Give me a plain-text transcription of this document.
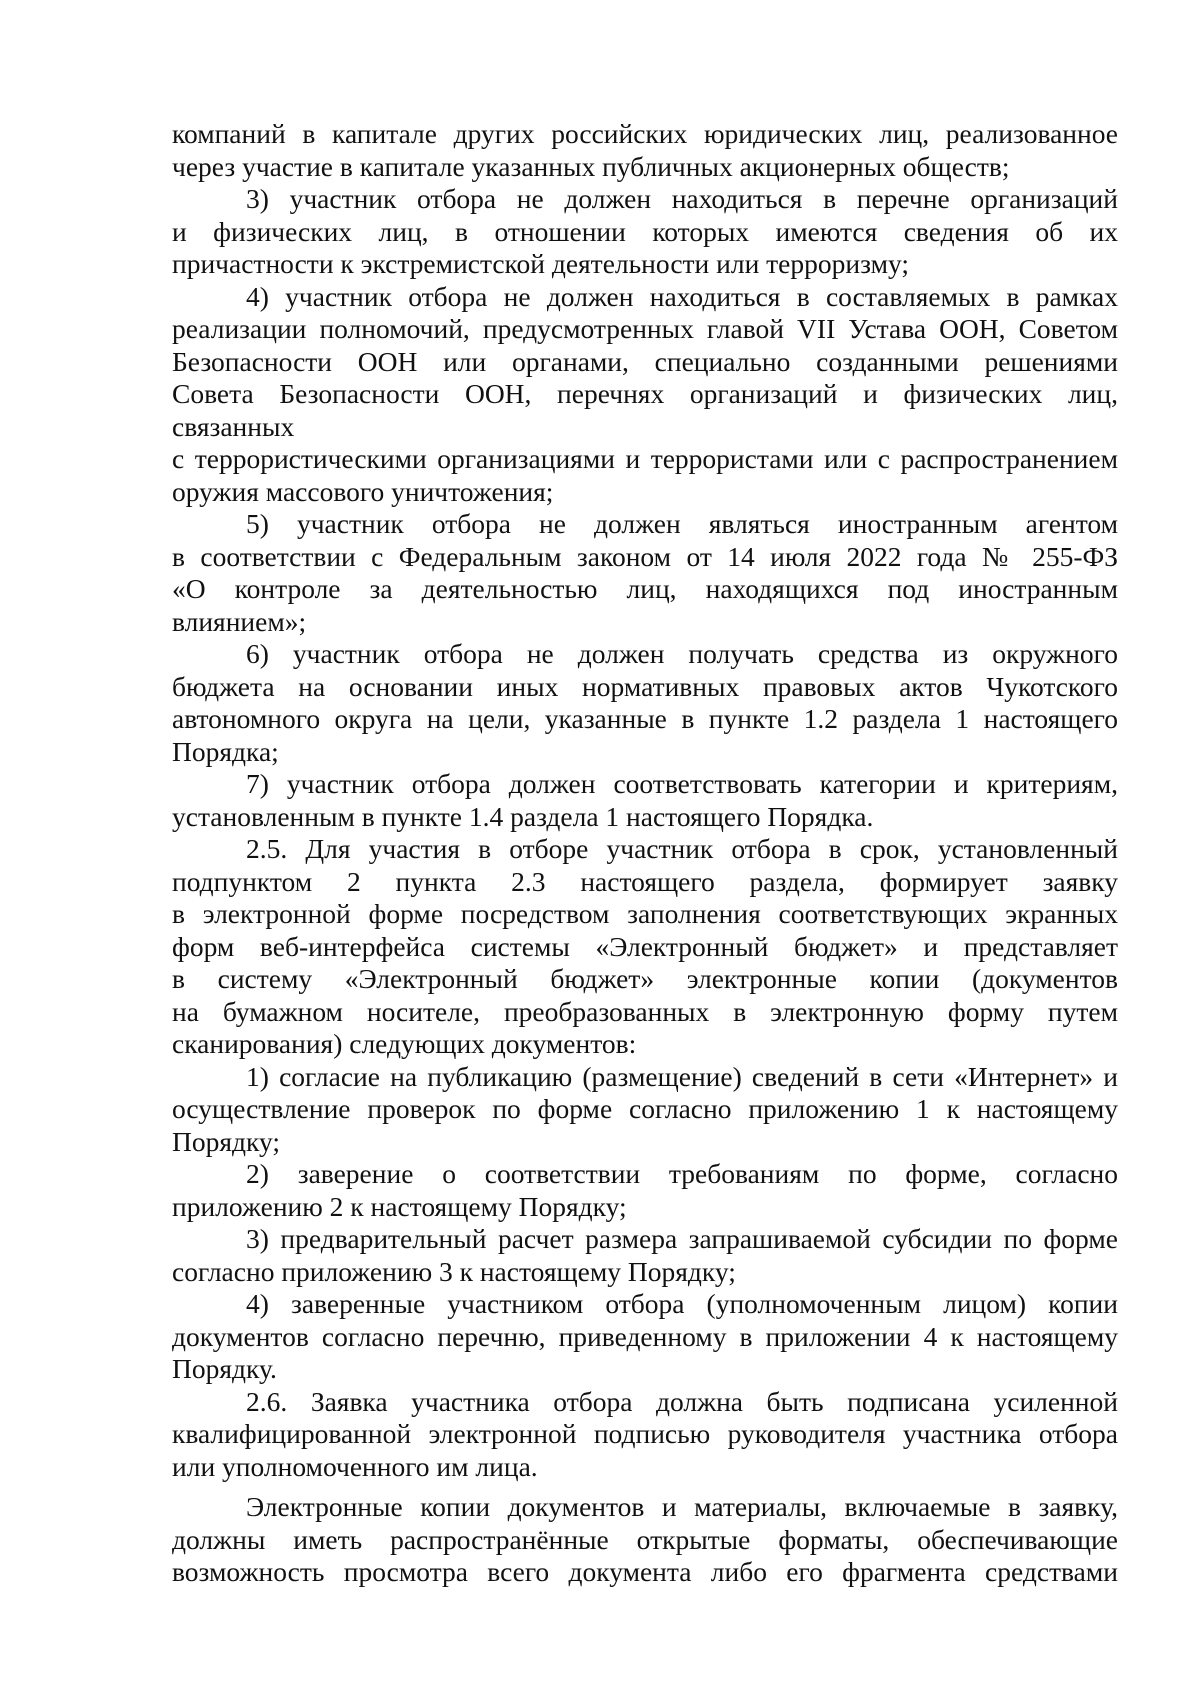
компаний в капитале других российских юридических лиц, реализованное
через участие в капитале указанных публичных акционерных обществ;
3) участник отбора не должен находиться в перечне организаций
и физических лиц, в отношении которых имеются сведения об их
причастности к экстремистской деятельности или терроризму;
4) участник отбора не должен находиться в составляемых в рамках
реализации полномочий, предусмотренных главой VII Устава ООН, Советом
Безопасности ООН или органами, специально созданными решениями
Совета Безопасности ООН, перечнях организаций и физических лиц,
связанных
с террористическими организациями и террористами или с распространением
оружия массового уничтожения;
5) участник отбора не должен являться иностранным агентом
в соответствии с Федеральным законом от 14 июля 2022 года № 255-ФЗ
«О контроле за деятельностью лиц, находящихся под иностранным
влиянием»;
6) участник отбора не должен получать средства из окружного
бюджета на основании иных нормативных правовых актов Чукотского
автономного округа на цели, указанные в пункте 1.2 раздела 1 настоящего
Порядка;
7) участник отбора должен соответствовать категории и критериям,
установленным в пункте 1.4 раздела 1 настоящего Порядка.
2.5. Для участия в отборе участник отбора в срок, установленный
подпунктом 2 пункта 2.3 настоящего раздела, формирует заявку
в электронной форме посредством заполнения соответствующих экранных
форм веб-интерфейса системы «Электронный бюджет» и представляет
в систему «Электронный бюджет» электронные копии (документов
на бумажном носителе, преобразованных в электронную форму путем
сканирования) следующих документов:
1) согласие на публикацию (размещение) сведений в сети «Интернет» и
осуществление проверок по форме согласно приложению 1 к настоящему
Порядку;
2) заверение о соответствии требованиям по форме, согласно
приложению 2 к настоящему Порядку;
3) предварительный расчет размера запрашиваемой субсидии по форме
согласно приложению 3 к настоящему Порядку;
4) заверенные участником отбора (уполномоченным лицом) копии
документов согласно перечню, приведенному в приложении 4 к настоящему
Порядку.
2.6. Заявка участника отбора должна быть подписана усиленной
квалифицированной электронной подписью руководителя участника отбора
или уполномоченного им лица.
Электронные копии документов и материалы, включаемые в заявку,
должны иметь распространённые открытые форматы, обеспечивающие
возможность просмотра всего документа либо его фрагмента средствами
